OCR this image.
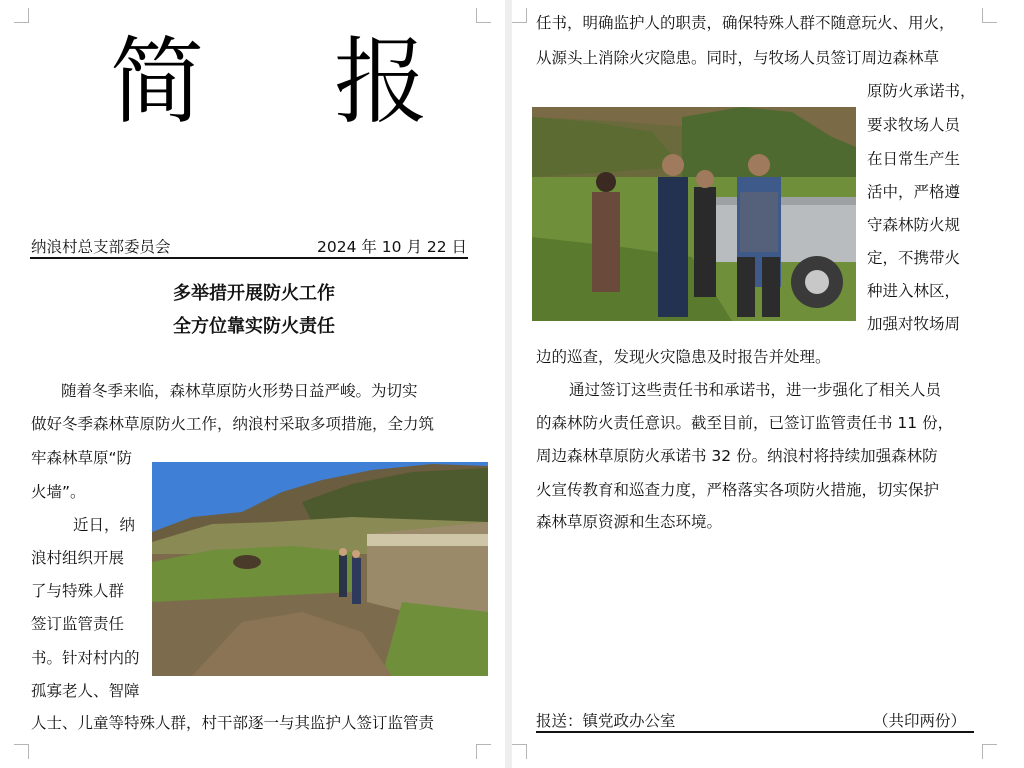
简 报
纳浪村总支部委员会	2024 年 10 月 22 日
多举措开展防火工作
全方位靠实防火责任
随着冬季来临，森林草原防火形势日益严峻。为切实
做好冬季森林草原防火工作，纳浪村采取多项措施，全力筑
牢森林草原“防
火墙”。
近日，纳
浪村组织开展
了与特殊人群
签订监管责任
书。针对村内的
孤寡老人、智障
人士、儿童等特殊人群，村干部逐一与其监护人签订监管责
任书，明确监护人的职责，确保特殊人群不随意玩火、用火，
从源头上消除火灾隐患。同时，与牧场人员签订周边森林草
原防火承诺书，
要求牧场人员
在日常生产生
活中，严格遵
守森林防火规
定，不携带火
种进入林区，
加强对牧场周
边的巡查，发现火灾隐患及时报告并处理。
通过签订这些责任书和承诺书，进一步强化了相关人员
的森林防火责任意识。截至目前，已签订监管责任书 11 份，
周边森林草原防火承诺书 32 份。纳浪村将持续加强森林防
火宣传教育和巡查力度，严格落实各项防火措施，切实保护
森林草原资源和生态环境。
报送：镇党政办公室	（共印两份）
